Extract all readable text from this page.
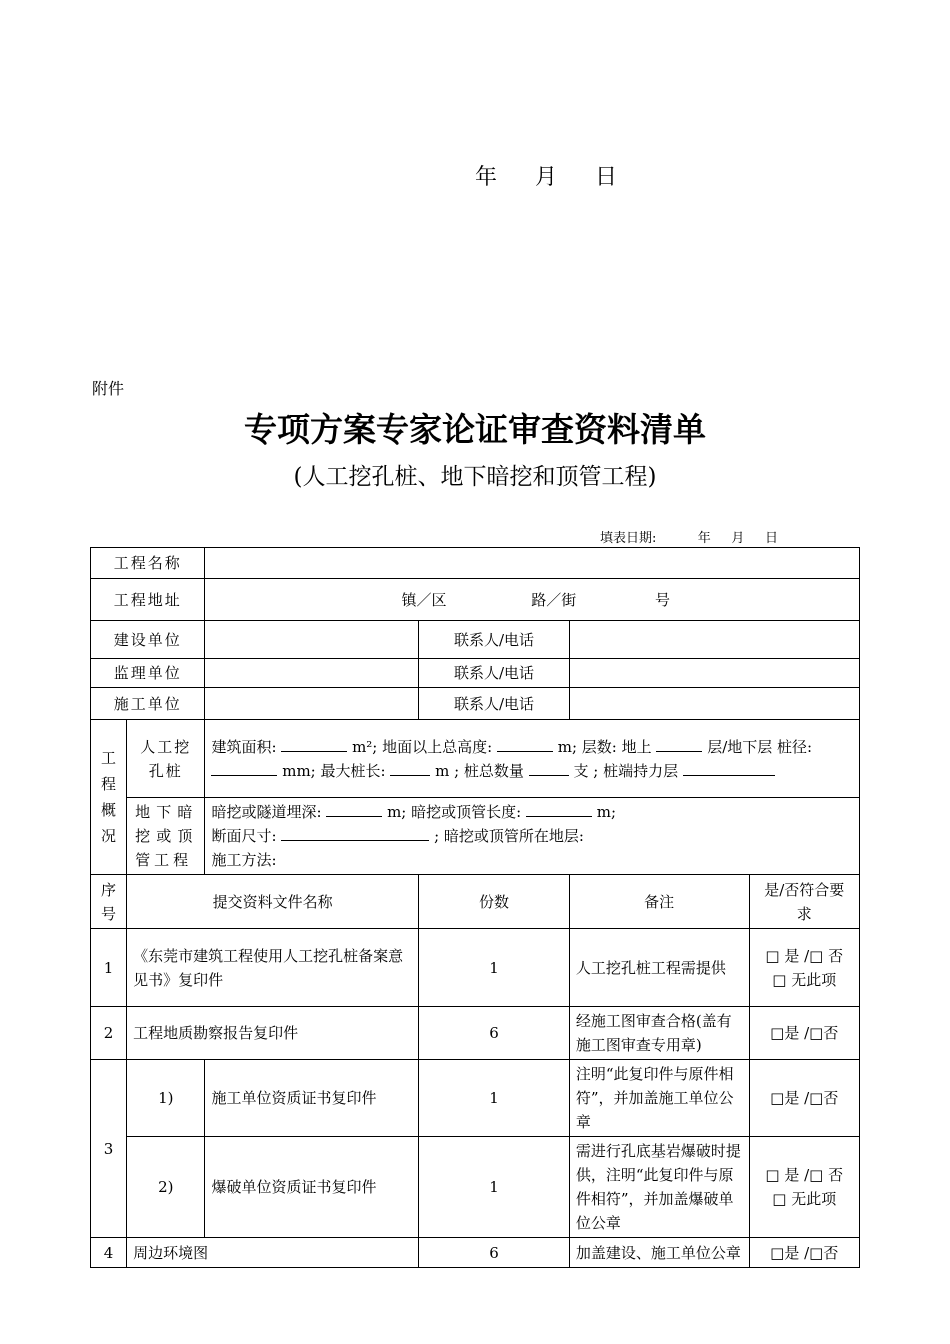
年    月    日
附件
专项方案专家论证审查资料清单
(人工挖孔桩、地下暗挖和顶管工程)
填表日期:          年     月     日
工程名称					
工程地址		镇／区 路／街 号			
建设单位			联系人/电话		
监理单位			联系人/电话		
施工单位			联系人/电话		
工程概况	人工挖孔桩	建筑面积: m²; 地面以上总高度: m; 层数: 地上 层/地下层 桩径:  mm; 最大桩长: m ; 桩总数量 支 ; 桩端持力层			
	地下暗挖或顶管工程	暗挖或隧道埋深: m; 暗挖或顶管长度: m;
断面尺寸: ; 暗挖或顶管所在地层:
施工方法:			
序号	提交资料文件名称		份数	备注	是/否符合要求
1	《东莞市建筑工程使用人工挖孔桩备案意见书》复印件		1	人工挖孔桩工程需提供	□ 是 /□ 否
□ 无此项

2	工程地质勘察报告复印件		6	经施工图审查合格(盖有施工图审查专用章)	□是 /□否
3	1)	施工单位资质证书复印件	1	注明“此复印件与原件相符”，并加盖施工单位公章	□是 /□否
	2)	爆破单位资质证书复印件	1	需进行孔底基岩爆破时提供，注明“此复印件与原件相符”，并加盖爆破单位公章	□ 是 /□ 否
□ 无此项

4	周边环境图		6	加盖建设、施工单位公章	□是 /□否
